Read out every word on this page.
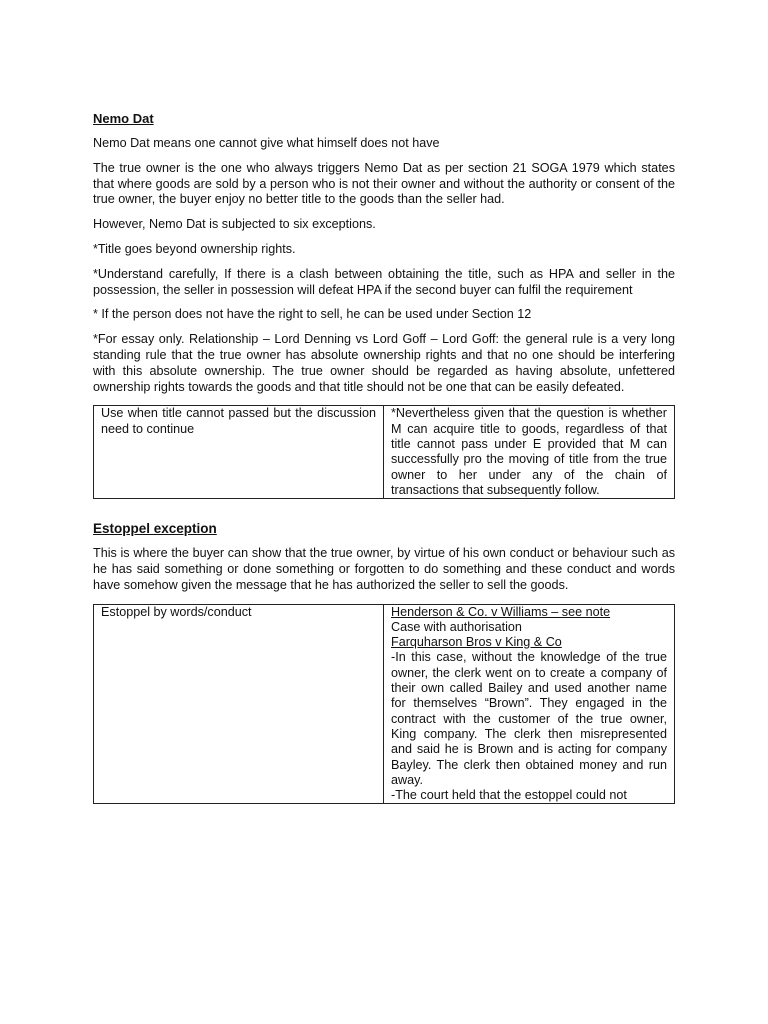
Nemo Dat

Nemo Dat means one cannot give what himself does not have

The true owner is the one who always triggers Nemo Dat as per section 21 SOGA 1979 which states that where goods are sold by a person who is not their owner and without the authority or consent of the true owner, the buyer enjoy no better title to the goods than the seller had.

However, Nemo Dat is subjected to six exceptions.

*Title goes beyond ownership rights.

*Understand carefully, If there is a clash between obtaining the title, such as HPA and seller in the possession, the seller in possession will defeat HPA if the second buyer can fulfil the requirement

* If the person does not have the right to sell, he can be used under Section 12

*For essay only. Relationship – Lord Denning vs Lord Goff – Lord Goff: the general rule is a very long standing rule that the true owner has absolute ownership rights and that no one should be interfering with this absolute ownership. The true owner should be regarded as having absolute, unfettered ownership rights towards the goods and that title should not be one that can be easily defeated.

Use when title cannot passed but the discussion need to continue	*Nevertheless given that the question is whether M can acquire title to goods, regardless of that title cannot pass under E provided that M can successfully pro the moving of title from the true owner to her under any of the chain of transactions that subsequently follow.
Estoppel exception

This is where the buyer can show that the true owner, by virtue of his own conduct or behaviour such as he has said something or done something or forgotten to do something and these conduct and words have somehow given the message that he has authorized the seller to sell the goods.

Estoppel by words/conduct	Henderson & Co. v Williams – see note
Case with authorisation
Farquharson Bros v King & Co
-In this case, without the knowledge of the true owner, the clerk went on to create a company of their own called Bailey and used another name for themselves “Brown”. They engaged in the contract with the customer of the true owner, King company. The clerk then misrepresented and said he is Brown and is acting for company Bayley. The clerk then obtained money and run away.
-The court held that the estoppel could not
